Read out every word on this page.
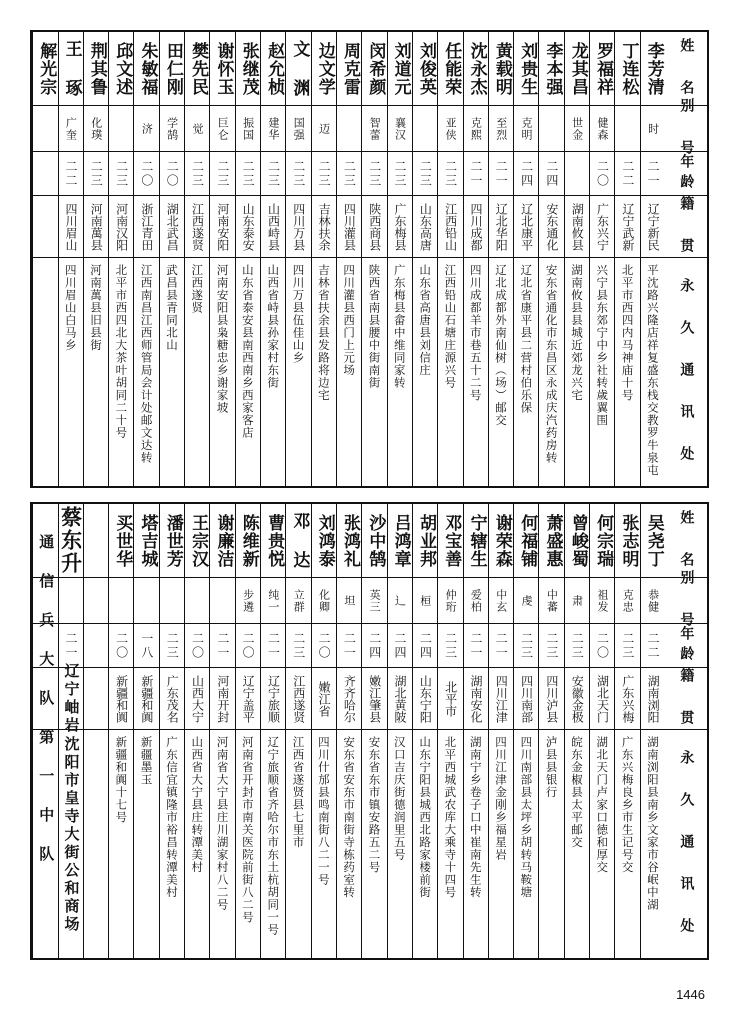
姓 名
别 号
年龄
籍 贯
永 久 通 讯 处
李芳清
时
二一
辽宁新民
平沈路兴隆店祥复盛东栈交教罗牛泉屯
丁连松
二二
辽宁武新
北平市西四内马神庙十号
罗福祥
健森
二〇
广东兴宁
兴宁县东郊宁中乡社转歲翼围
龙其昌
世金
湖南攸县
湖南攸县县城近郊龙兴宅
李本强
二四
安东通化
安东省通化市东昌区永成庆汽药房转
刘贵生
克明
二四
辽北康平
辽北省康平县二营村伯乐保
黄载明
至烈
二一
辽北华阳
辽北成都外南仙树（场）邮交
沈永杰
克熙
二一
四川成都
四川成都羊市巷五十二号
任能荣
亚侠
二三
江西铅山
江西铅山石塘庄源兴号
刘俊英
二三
山东高唐
山东省高唐县刘信庄
刘道元
襄汉
二三
广东梅县
广东梅县畲中维同家转
闵希颜
智蕾
二三
陕西商县
陕西省南县腰中街南街
周克雷
二三
四川灌县
四川灌县西门上元场
边文学
迈
二三
吉林扶余
吉林省扶余县发路将边宅
文 渊
国强
二三
四川万县
四川万县伍佳山乡
赵允桢
建华
二三
山西峙县
山西省峙县孙家村东街
张继茂
振国
二三
山东泰安
山东省泰安县南西南乡西家客店
谢怀玉
巨仑
二三
河南安阳
河南安阳县枭糖忠乡谢家坡
樊先民
觉
二三
江西遂贤
江西遂贤
田仁刚
学鹄
二〇
湖北武昌
武昌县青同北山
朱敏福
济
二〇
浙江青田
江西南昌江西师管局会计处邮文达转
邱文述
二三
河南汉阳
北平市西四北大茶叶胡同二十号
荆其鲁
化璞
二三
河南萬县
河南萬县旧县街
王 琢
广奎
二二
四川眉山
四川眉山白马乡
解光宗
姓 名
别 号
年龄
籍 贯
永 久 通 讯 处
吴尧丁
恭健
二二
湖南浏阳
湖南浏阳县南乡文家市谷岷中湖
张志明
克忠
二三
广东兴梅
广东兴梅良乡市生记号交
何宗瑞
祖发
二〇
湖北天门
湖北天门卢家口徳和厚交
曾峻蜀
肃
二三
安徽金极
皖东金椒县太平邮交
萧盛惠
中蕃
二三
四川泸县
泸县县银行
何福铺
虔
二三
四川南部
四川南部县太坪乡胡转马鞍塘
谢荣森
中玄
二一
四川江津
四川江津金刚乡福星岩
宁辖生
爱柏
二一
湖南安化
湖南宁乡卷子口中崔南先生转
邓宝善
仲珩
二三
北平市
北平西城武农库大乘寺十四号
胡业邦
桓
二四
山东宁阳
山东宁阳县城西北路家楼前街
吕鸿章
辶
二四
湖北黄陂
汉口吉庆街德润里五号
沙中鹄
英三
二四
嫩江肇县
安东省东市镇安路五二号
张鸿礼
坦
二一
齐齐哈尔
安东省安东市南街寺栋药室转
刘鸿泰
化卿
二〇
嫩江省
四川什邡县鸣南街八二一号
邓 达
立群
二三
江西遂贤
江西省遂贤县七里市
曹贵悦
纯一
二一
辽宁旅顺
辽宁旅顺省齐哈尔市东土杭胡同一号
陈维新
步遴
二〇
辽宁盖平
河南省开封市南关医院前街八二号
谢廉洁
二一
河南开封
河南省大宁县庄川湖家村八二号
王宗汉
二〇
山西大宁
山西省大宁县庄转潭美村
潘世芳
二三
广东茂名
广东信宜镇隆市裕昌转潭美村
塔吉城
一八
新疆和阗
新疆墨玉
买世华
二〇
新疆和阗
新疆和阗十七号
蔡东升
二一
辽宁岫岩
沈阳市皇寺大街公和商场
通 信 兵 大 队 第 一 中 队
1446
